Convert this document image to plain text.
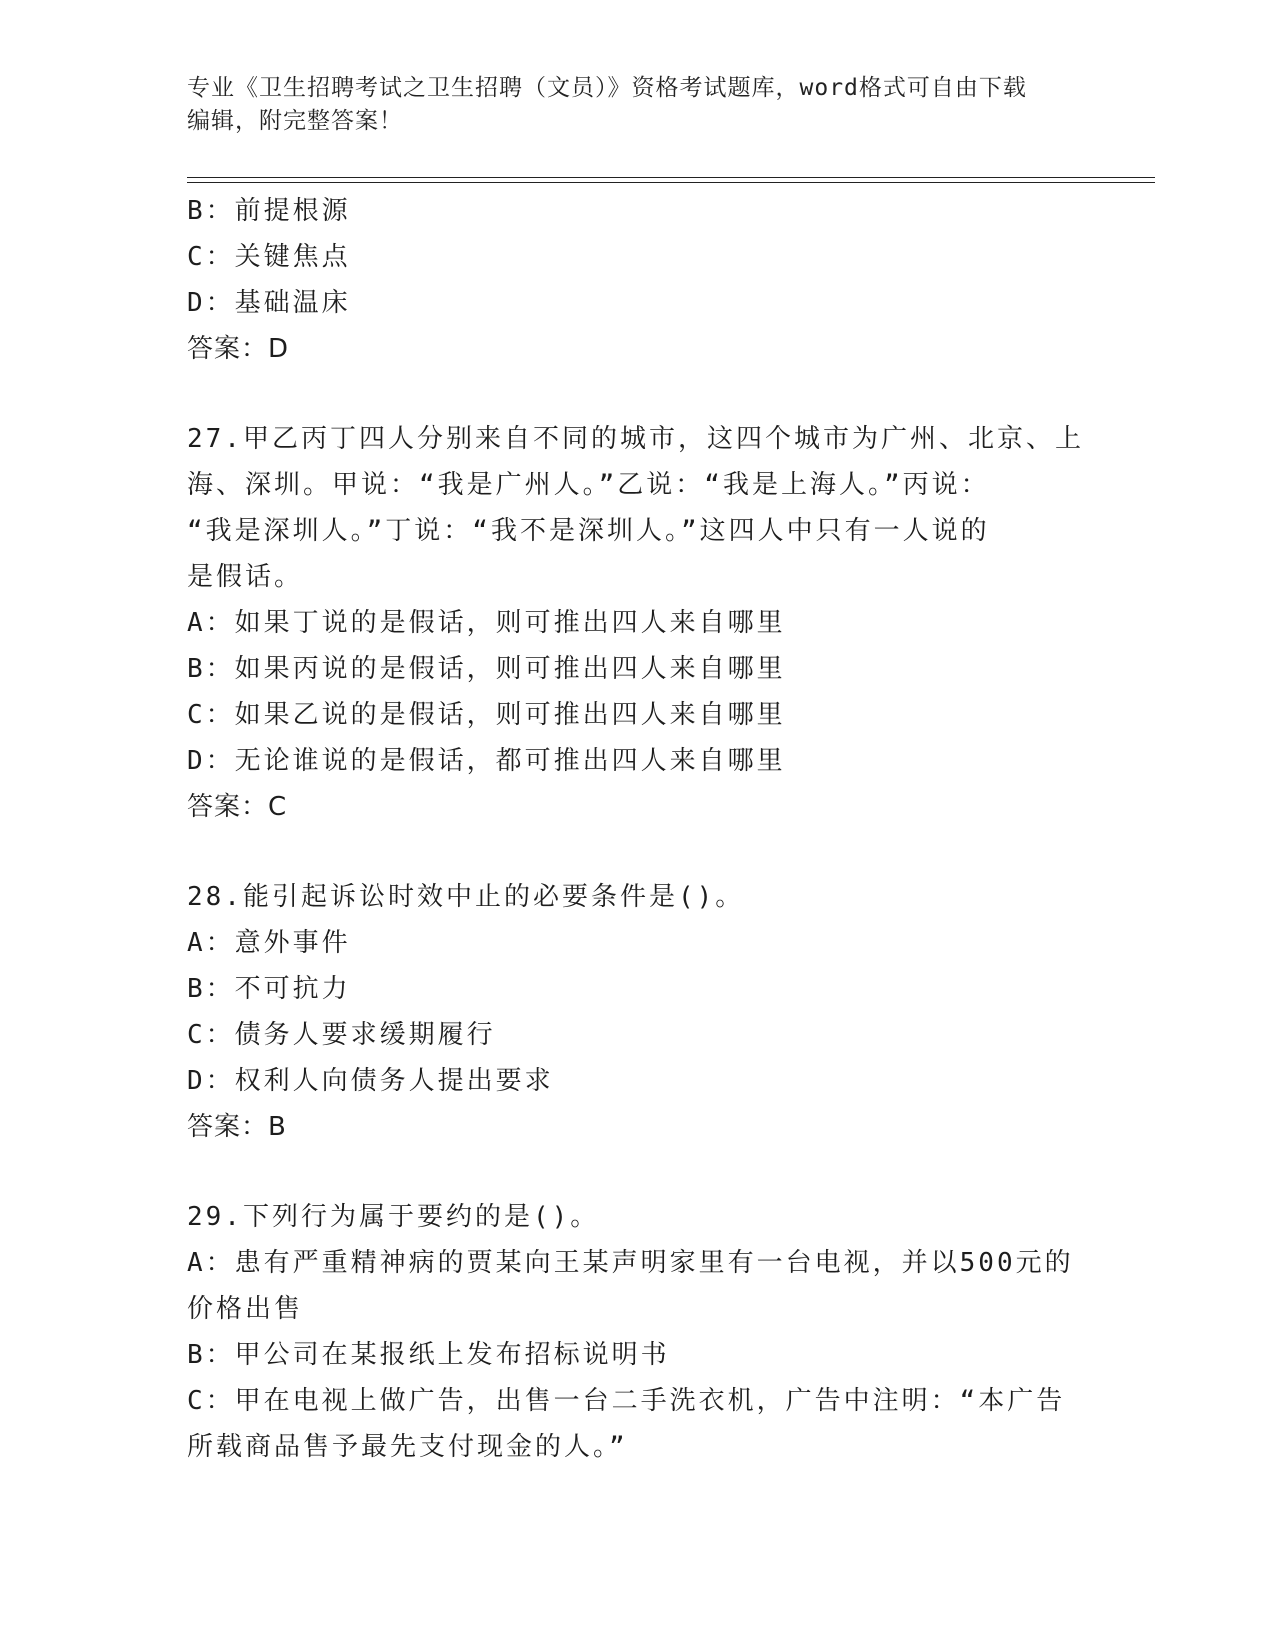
专业《卫生招聘考试之卫生招聘（文员）》资格考试题库，word格式可自由下载
编辑，附完整答案！
B：前提根源
C：关键焦点
D：基础温床
答案：D
27.甲乙丙丁四人分别来自不同的城市，这四个城市为广州、北京、上
海、深圳。甲说：“我是广州人。”乙说：“我是上海人。”丙说：
“我是深圳人。”丁说：“我不是深圳人。”这四人中只有一人说的
是假话。
A：如果丁说的是假话，则可推出四人来自哪里
B：如果丙说的是假话，则可推出四人来自哪里
C：如果乙说的是假话，则可推出四人来自哪里
D：无论谁说的是假话，都可推出四人来自哪里
答案：C
28.能引起诉讼时效中止的必要条件是()。
A：意外事件
B：不可抗力
C：债务人要求缓期履行
D：权利人向债务人提出要求
答案：B
29.下列行为属于要约的是()。
A：患有严重精神病的贾某向王某声明家里有一台电视，并以500元的
价格出售
B：甲公司在某报纸上发布招标说明书
C：甲在电视上做广告，出售一台二手洗衣机，广告中注明：“本广告
所载商品售予最先支付现金的人。”
